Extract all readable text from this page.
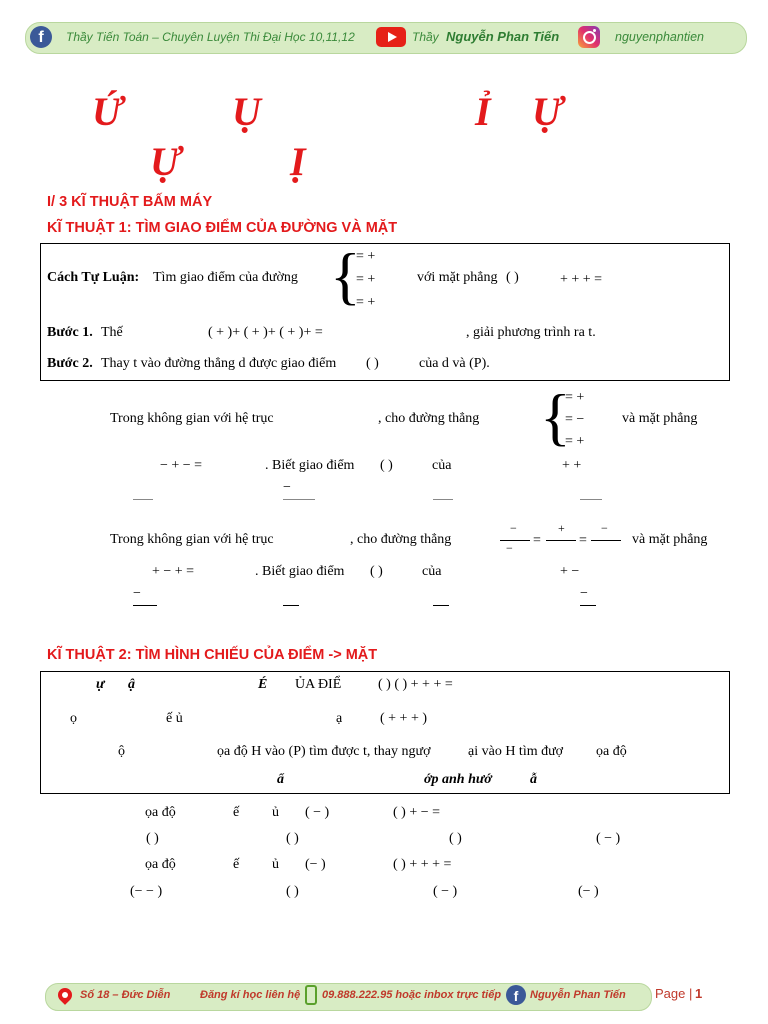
f	Thầy Tiến Toán – Chuyên Luyện Thi Đại Học 10,11,12	Thầy Nguyễn Phan Tiến	nguyenphantien
Ứ	Ụ	Ỉ Ự
Ự	Ị
I/ 3 KĨ THUẬT BẤM MÁY
KĨ THUẬT 1: TÌM GIAO ĐIỂM CỦA ĐƯỜNG VÀ MẶT
Cách Tự Luận: Tìm giao điểm của đường {
= +
= +
= +
với mặt phẳng ( )	+ + + =
Bước 1. Thế	( + )+ ( + )+ ( + )+ =	, giải phương trình ra t.
Bước 2. Thay t vào đường thẳng d được giao điểm ( )	của d và (P).
Trong không gian với hệ trục	, cho đường thẳng {
= +
= −
= +
và mặt phẳng
− + − =	. Biết giao điểm ( )	của	+ +
−
Trong không gian với hệ trục	, cho đường thẳng
−
− =
+
=
−
và mặt phẳng
+ − + =	. Biết giao điểm ( )	của	+ −
−	−
KĨ THUẬT 2: TÌM HÌNH CHIẾU CỦA ĐIỂM -> MẶT
ự ậ	É ỦA ĐIỂ	( ) ( ) + + + =
ọ	ế ủ	ạ	( + + + )
ộ	ọa độ H vào (P) tìm được t, thay ngượ	ại vào H tìm đượ ọa độ
ẩ	ớp anh hướ	ẫ
ọa độ	ế ủ ( − )	( ) + − =
( )	( )	( )	( − )
ọa độ	ế ủ (− )	( ) + + + =
(− − )	( )	( − )	(− )
Số 18 – Đức Diễn	Đăng kí học liên hệ 09.888.222.95 hoặc inbox trực tiếp f	Nguyễn Phan Tiến Page | 1
